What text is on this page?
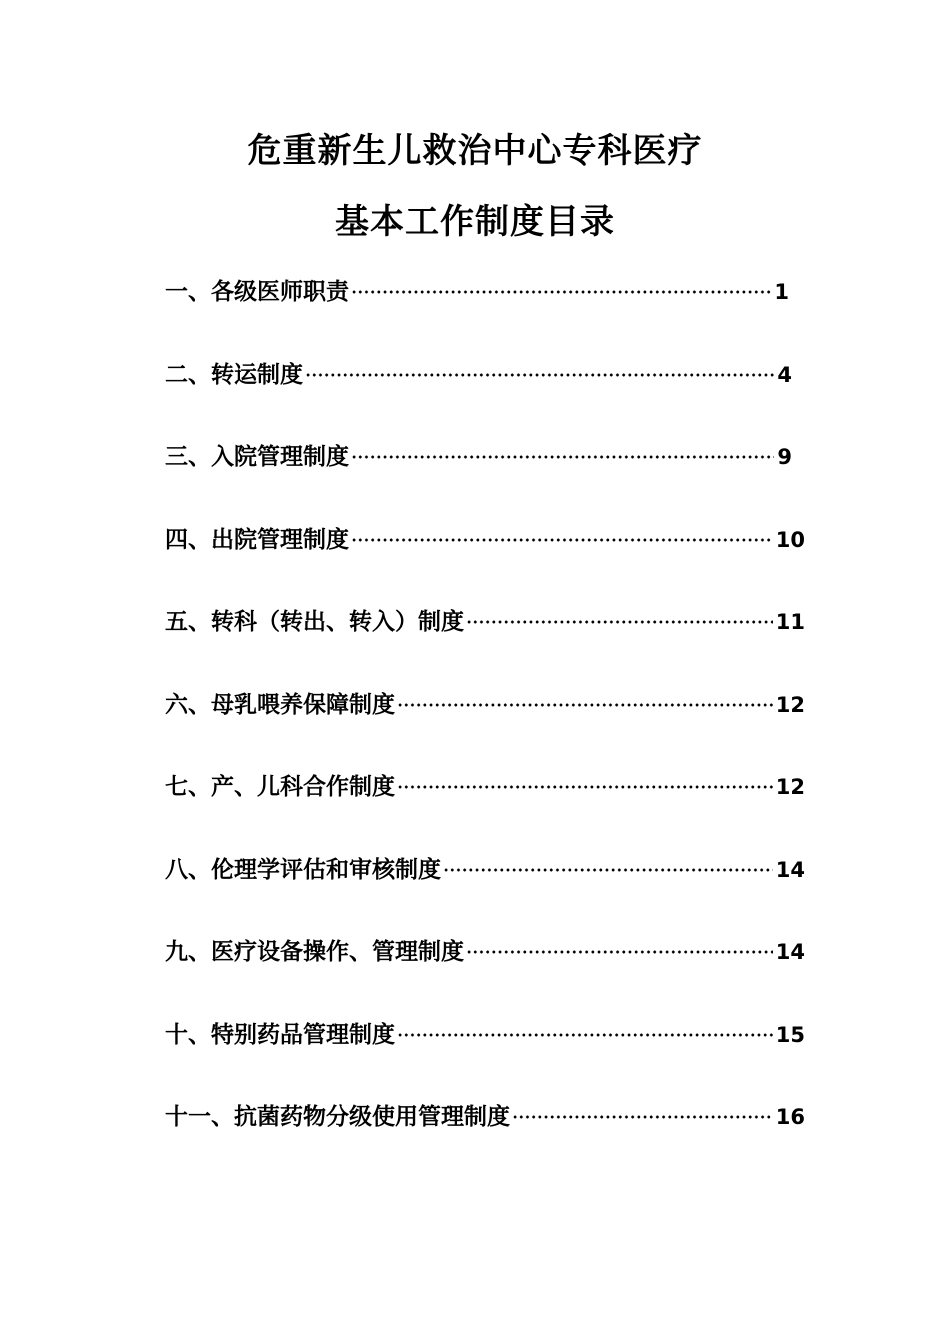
危重新生儿救治中心专科医疗
基本工作制度目录
一、各级医师职责	1
二、转运制度	4
三、入院管理制度	9
四、出院管理制度	10
五、转科（转出、转入）制度	11
六、母乳喂养保障制度	12
七、产、儿科合作制度	12
八、伦理学评估和审核制度	14
九、医疗设备操作、管理制度	14
十、特别药品管理制度	15
十一、抗菌药物分级使用管理制度	16
